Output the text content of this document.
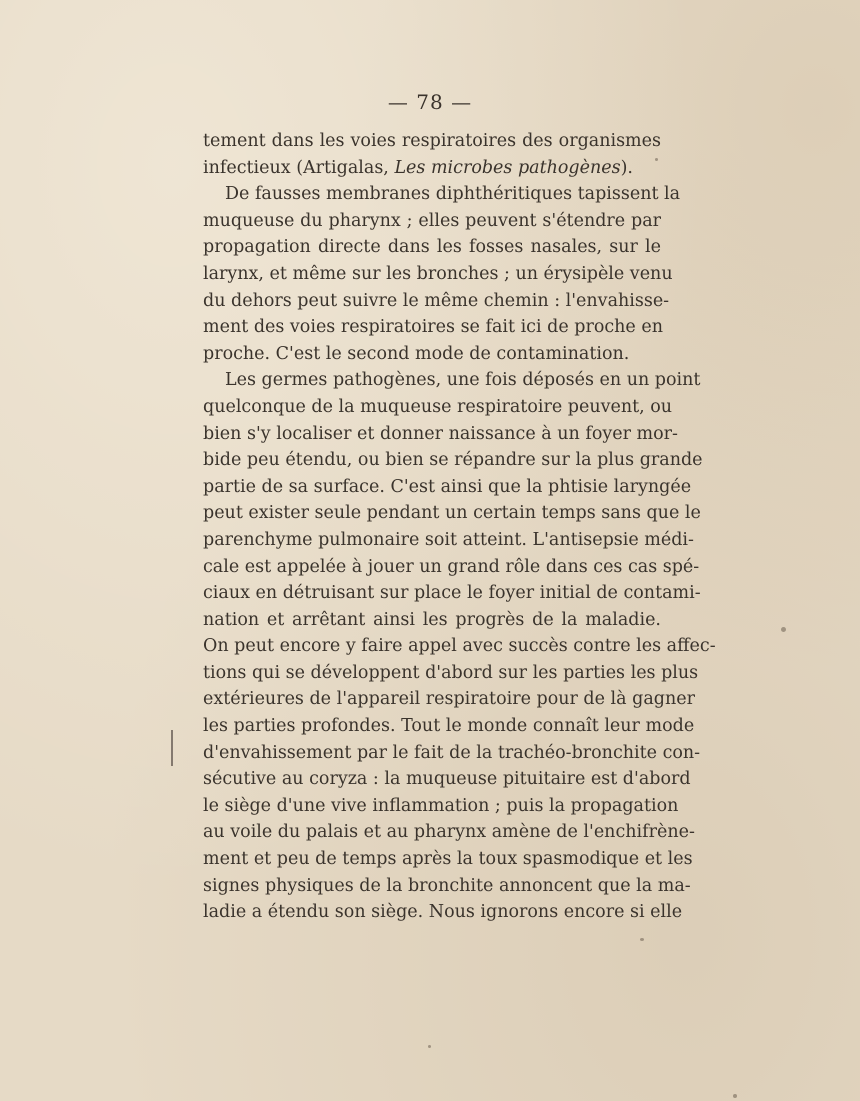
— 78 —
tement dans les voies respiratoires des organismes
infectieux (Artigalas, Les microbes pathogènes).
De fausses membranes diphthéritiques tapissent la
muqueuse du pharynx ; elles peuvent s'étendre par
propagation directe dans les fosses nasales, sur le
larynx, et même sur les bronches ; un érysipèle venu
du dehors peut suivre le même chemin : l'envahisse-
ment des voies respiratoires se fait ici de proche en
proche. C'est le second mode de contamination.
Les germes pathogènes, une fois déposés en un point
quelconque de la muqueuse respiratoire peuvent, ou
bien s'y localiser et donner naissance à un foyer mor-
bide peu étendu, ou bien se répandre sur la plus grande
partie de sa surface. C'est ainsi que la phtisie laryngée
peut exister seule pendant un certain temps sans que le
parenchyme pulmonaire soit atteint. L'antisepsie médi-
cale est appelée à jouer un grand rôle dans ces cas spé-
ciaux en détruisant sur place le foyer initial de contami-
nation et arrêtant ainsi les progrès de la maladie.
On peut encore y faire appel avec succès contre les affec-
tions qui se développent d'abord sur les parties les plus
extérieures de l'appareil respiratoire pour de là gagner
les parties profondes. Tout le monde connaît leur mode
d'envahissement par le fait de la trachéo-bronchite con-
sécutive au coryza : la muqueuse pituitaire est d'abord
le siège d'une vive inflammation ; puis la propagation
au voile du palais et au pharynx amène de l'enchifrène-
ment et peu de temps après la toux spasmodique et les
signes physiques de la bronchite annoncent que la ma-
ladie a étendu son siège. Nous ignorons encore si elle
